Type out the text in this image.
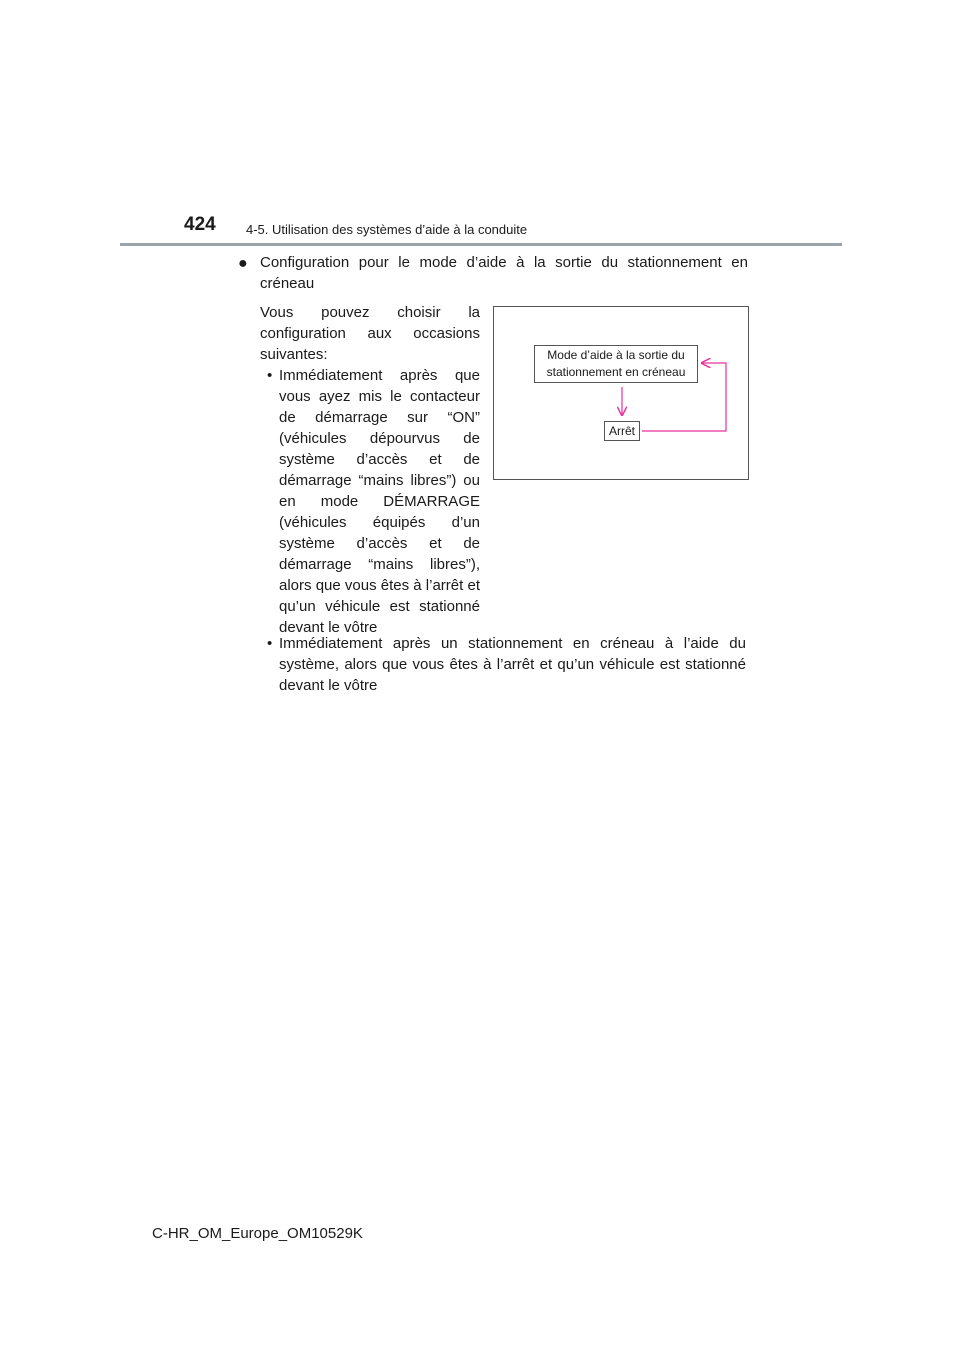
424 4-5. Utilisation des systèmes d’aide à la conduite
● Configuration pour le mode d’aide à la sortie du stationnement en créneau

Vous pouvez choisir la configuration aux occasions suivantes:

• Immédiatement après que vous ayez mis le contacteur de démarrage sur “ON” (véhicules dépourvus de système d’accès et de démarrage “mains libres”) ou en mode DÉMARRAGE (véhicules équipés d’un système d’accès et de démarrage “mains libres”), alors que vous êtes à l’arrêt et qu’un véhicule est stationné devant le vôtre
• Immédiatement après un stationnement en créneau à l’aide du système, alors que vous êtes à l’arrêt et qu’un véhicule est stationné devant le vôtre
Mode d’aide à la sortie du
stationnement en créneau
Arrêt
C-HR_OM_Europe_OM10529K
